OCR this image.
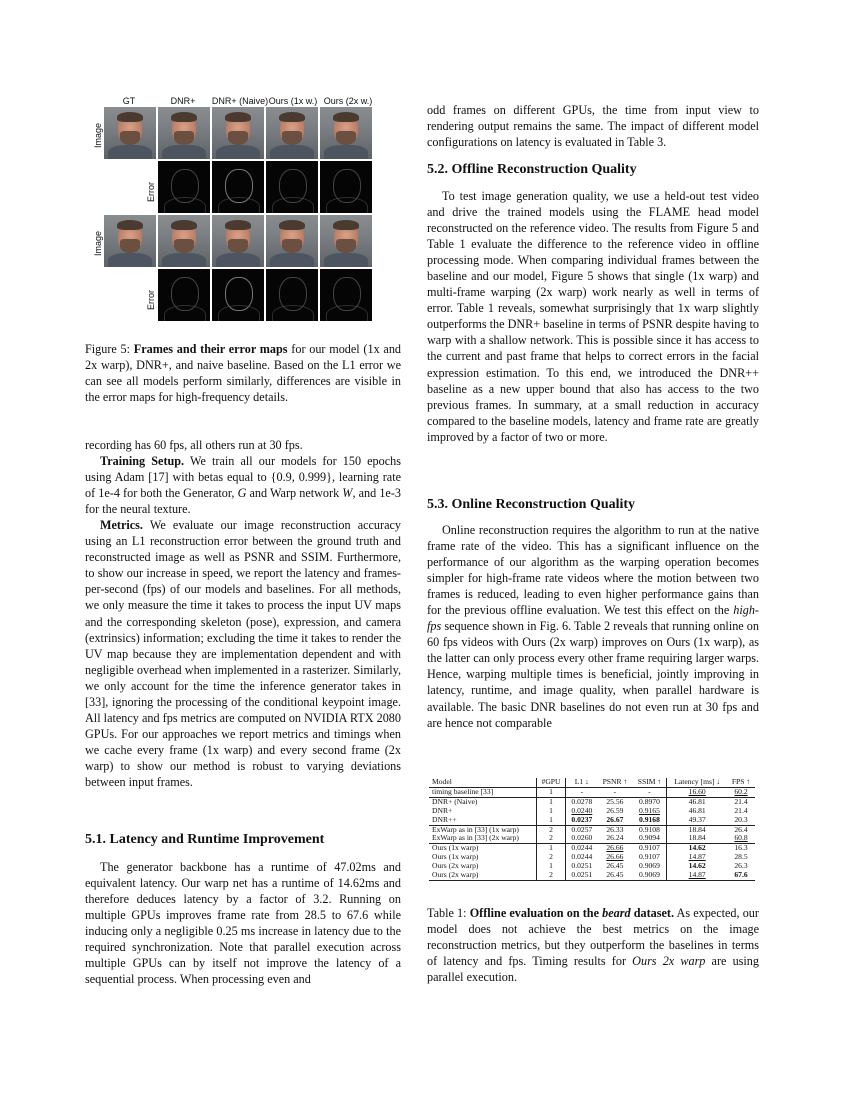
GT	DNR+	DNR+ (Naive) Ours (1x w.) Ours (2x w.)
Image
Error
Image
Error

Figure 5: Frames and their error maps for our model (1x and 2x warp), DNR+, and naive baseline. Based on the L1 error we can see all models perform similarly, differences are visible in the error maps for high-frequency details.

recording has 60 fps, all others run at 30 fps.

Training Setup. We train all our models for 150 epochs using Adam [17] with betas equal to {0.9, 0.999}, learning rate of 1e-4 for both the Generator, G and Warp network W, and 1e-3 for the neural texture.

Metrics. We evaluate our image reconstruction accuracy using an L1 reconstruction error between the ground truth and reconstructed image as well as PSNR and SSIM. Furthermore, to show our increase in speed, we report the latency and frames-per-second (fps) of our models and baselines. For all methods, we only measure the time it takes to process the input UV maps and the corresponding skeleton (pose), expression, and camera (extrinsics) information; excluding the time it takes to render the UV map because they are implementation dependent and with negligible overhead when implemented in a rasterizer. Similarly, we only account for the time the inference generator takes in [33], ignoring the processing of the conditional keypoint image. All latency and fps metrics are computed on NVIDIA RTX 2080 GPUs. For our approaches we report metrics and timings when we cache every frame (1x warp) and every second frame (2x warp) to show our method is robust to varying deviations between input frames.

5.1. Latency and Runtime Improvement

The generator backbone has a runtime of 47.02ms and equivalent latency. Our warp net has a runtime of 14.62ms and therefore deduces latency by a factor of 3.2. Running on multiple GPUs improves frame rate from 28.5 to 67.6 while inducing only a negligible 0.25 ms increase in latency due to the required synchronization. Note that parallel execution across multiple GPUs can by itself not improve the latency of a sequential process. When processing even and

odd frames on different GPUs, the time from input view to rendering output remains the same. The impact of different model configurations on latency is evaluated in Table 3.

5.2. Offline Reconstruction Quality

To test image generation quality, we use a held-out test video and drive the trained models using the FLAME head model reconstructed on the reference video. The results from Figure 5 and Table 1 evaluate the difference to the reference video in offline processing mode. When comparing individual frames between the baseline and our model, Figure 5 shows that single (1x warp) and multi-frame warping (2x warp) work nearly as well in terms of error. Table 1 reveals, somewhat surprisingly that 1x warp slightly outperforms the DNR+ baseline in terms of PSNR despite having to warp with a shallow network. This is possible since it has access to the current and past frame that helps to correct errors in the facial expression estimation. To this end, we introduced the DNR++ baseline as a new upper bound that also has access to the two previous frames. In summary, at a small reduction in accuracy compared to the baseline models, latency and frame rate are greatly improved by a factor of two or more.

5.3. Online Reconstruction Quality

Online reconstruction requires the algorithm to run at the native frame rate of the video. This has a significant influence on the performance of our algorithm as the warping operation becomes simpler for high-frame rate videos where the motion between two frames is reduced, leading to even higher performance gains than for the previous offline evaluation. We test this effect on the high-fps sequence shown in Fig. 6. Table 2 reveals that running online on 60 fps videos with Ours (2x warp) improves on Ours (1x warp), as the latter can only process every other frame requiring larger warps. Hence, warping multiple times is beneficial, jointly improving in latency, runtime, and image quality, when parallel hardware is available. The basic DNR baselines do not even run at 30 fps and are hence not comparable

Table 1: Offline evaluation on the beard dataset. As expected, our model does not achieve the best metrics on the image reconstruction metrics, but they outperform the baselines in terms of latency and fps. Timing results for Ours 2x warp are using parallel execution.

Model	#GPU	L1 ↓	PSNR ↑	SSIM ↑	Latency [ms] ↓	FPS ↑
timing baseline [33]	1	-	-	-	16.60	60.2
DNR+ (Naive)	1	0.0278	25.56	0.8970	46.81	21.4
DNR+	1	0.0240	26.59	0.9165	46.81	21.4
DNR++	1	0.0237	26.67	0.9168	49.37	20.3
ExWarp as in [33] (1x warp)	2	0.0257	26.33	0.9108	18.84	26.4
ExWarp as in [33] (2x warp)	2	0.0260	26.24	0.9094	18.84	60.8
Ours (1x warp)	1	0.0244	26.66	0.9107	14.62	16.3
Ours (1x warp)	2	0.0244	26.66	0.9107	14.87	28.5
Ours (2x warp)	1	0.0251	26.45	0.9069	14.62	26.3
Ours (2x warp)	2	0.0251	26.45	0.9069	14.87	67.6
